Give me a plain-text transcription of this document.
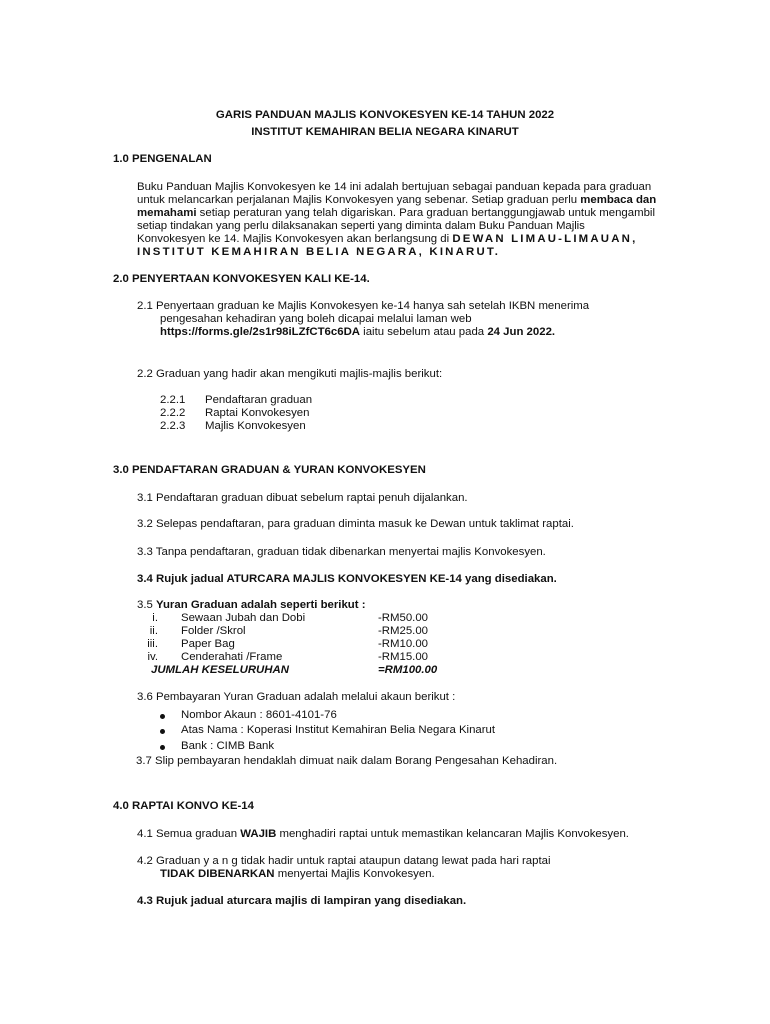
GARIS PANDUAN MAJLIS KONVOKESYEN KE-14 TAHUN 2022
INSTITUT KEMAHIRAN BELIA NEGARA KINARUT
1.0 PENGENALAN
Buku Panduan Majlis Konvokesyen ke 14 ini adalah bertujuan sebagai panduan kepada para graduan
untuk melancarkan perjalanan Majlis Konvokesyen yang sebenar. Setiap graduan perlu membaca dan
memahami setiap peraturan yang telah digariskan. Para graduan bertanggungjawab untuk mengambil
setiap tindakan yang perlu dilaksanakan seperti yang diminta dalam Buku Panduan Majlis
Konvokesyen ke 14. Majlis Konvokesyen akan berlangsung di DEWAN LIMAU-LIMAUAN,
INSTITUT KEMAHIRAN BELIA NEGARA, KINARUT.
2.0 PENYERTAAN KONVOKESYEN KALI KE-14.
2.1 Penyertaan graduan ke Majlis Konvokesyen ke-14 hanya sah setelah IKBN menerima
pengesahan kehadiran yang boleh dicapai melalui laman web
https://forms.gle/2s1r98iLZfCT6c6DA iaitu sebelum atau pada 24 Jun 2022.
2.2 Graduan yang hadir akan mengikuti majlis-majlis berikut:
2.2.1 Pendaftaran graduan
2.2.2 Raptai Konvokesyen
2.2.3 Majlis Konvokesyen
3.0 PENDAFTARAN GRADUAN & YURAN KONVOKESYEN
3.1 Pendaftaran graduan dibuat sebelum raptai penuh dijalankan.
3.2 Selepas pendaftaran, para graduan diminta masuk ke Dewan untuk taklimat raptai.
3.3 Tanpa pendaftaran, graduan tidak dibenarkan menyertai majlis Konvokesyen.
3.4 Rujuk jadual ATURCARA MAJLIS KONVOKESYEN KE-14 yang disediakan.
3.5 Yuran Graduan adalah seperti berikut :
i. Sewaan Jubah dan Dobi	-RM50.00
ii. Folder /Skrol	-RM25.00
iii. Paper Bag	-RM10.00
iv. Cenderahati /Frame	-RM15.00
JUMLAH KESELURUHAN	=RM100.00
3.6 Pembayaran Yuran Graduan adalah melalui akaun berikut :
Nombor Akaun : 8601-4101-76
Atas Nama : Koperasi Institut Kemahiran Belia Negara Kinarut
Bank : CIMB Bank
3.7 Slip pembayaran hendaklah dimuat naik dalam Borang Pengesahan Kehadiran.
4.0 RAPTAI KONVO KE-14
4.1 Semua graduan WAJIB menghadiri raptai untuk memastikan kelancaran Majlis Konvokesyen.
4.2 Graduan y a n g tidak hadir untuk raptai ataupun datang lewat pada hari raptai
TIDAK DIBENARKAN menyertai Majlis Konvokesyen.
4.3 Rujuk jadual aturcara majlis di lampiran yang disediakan.
